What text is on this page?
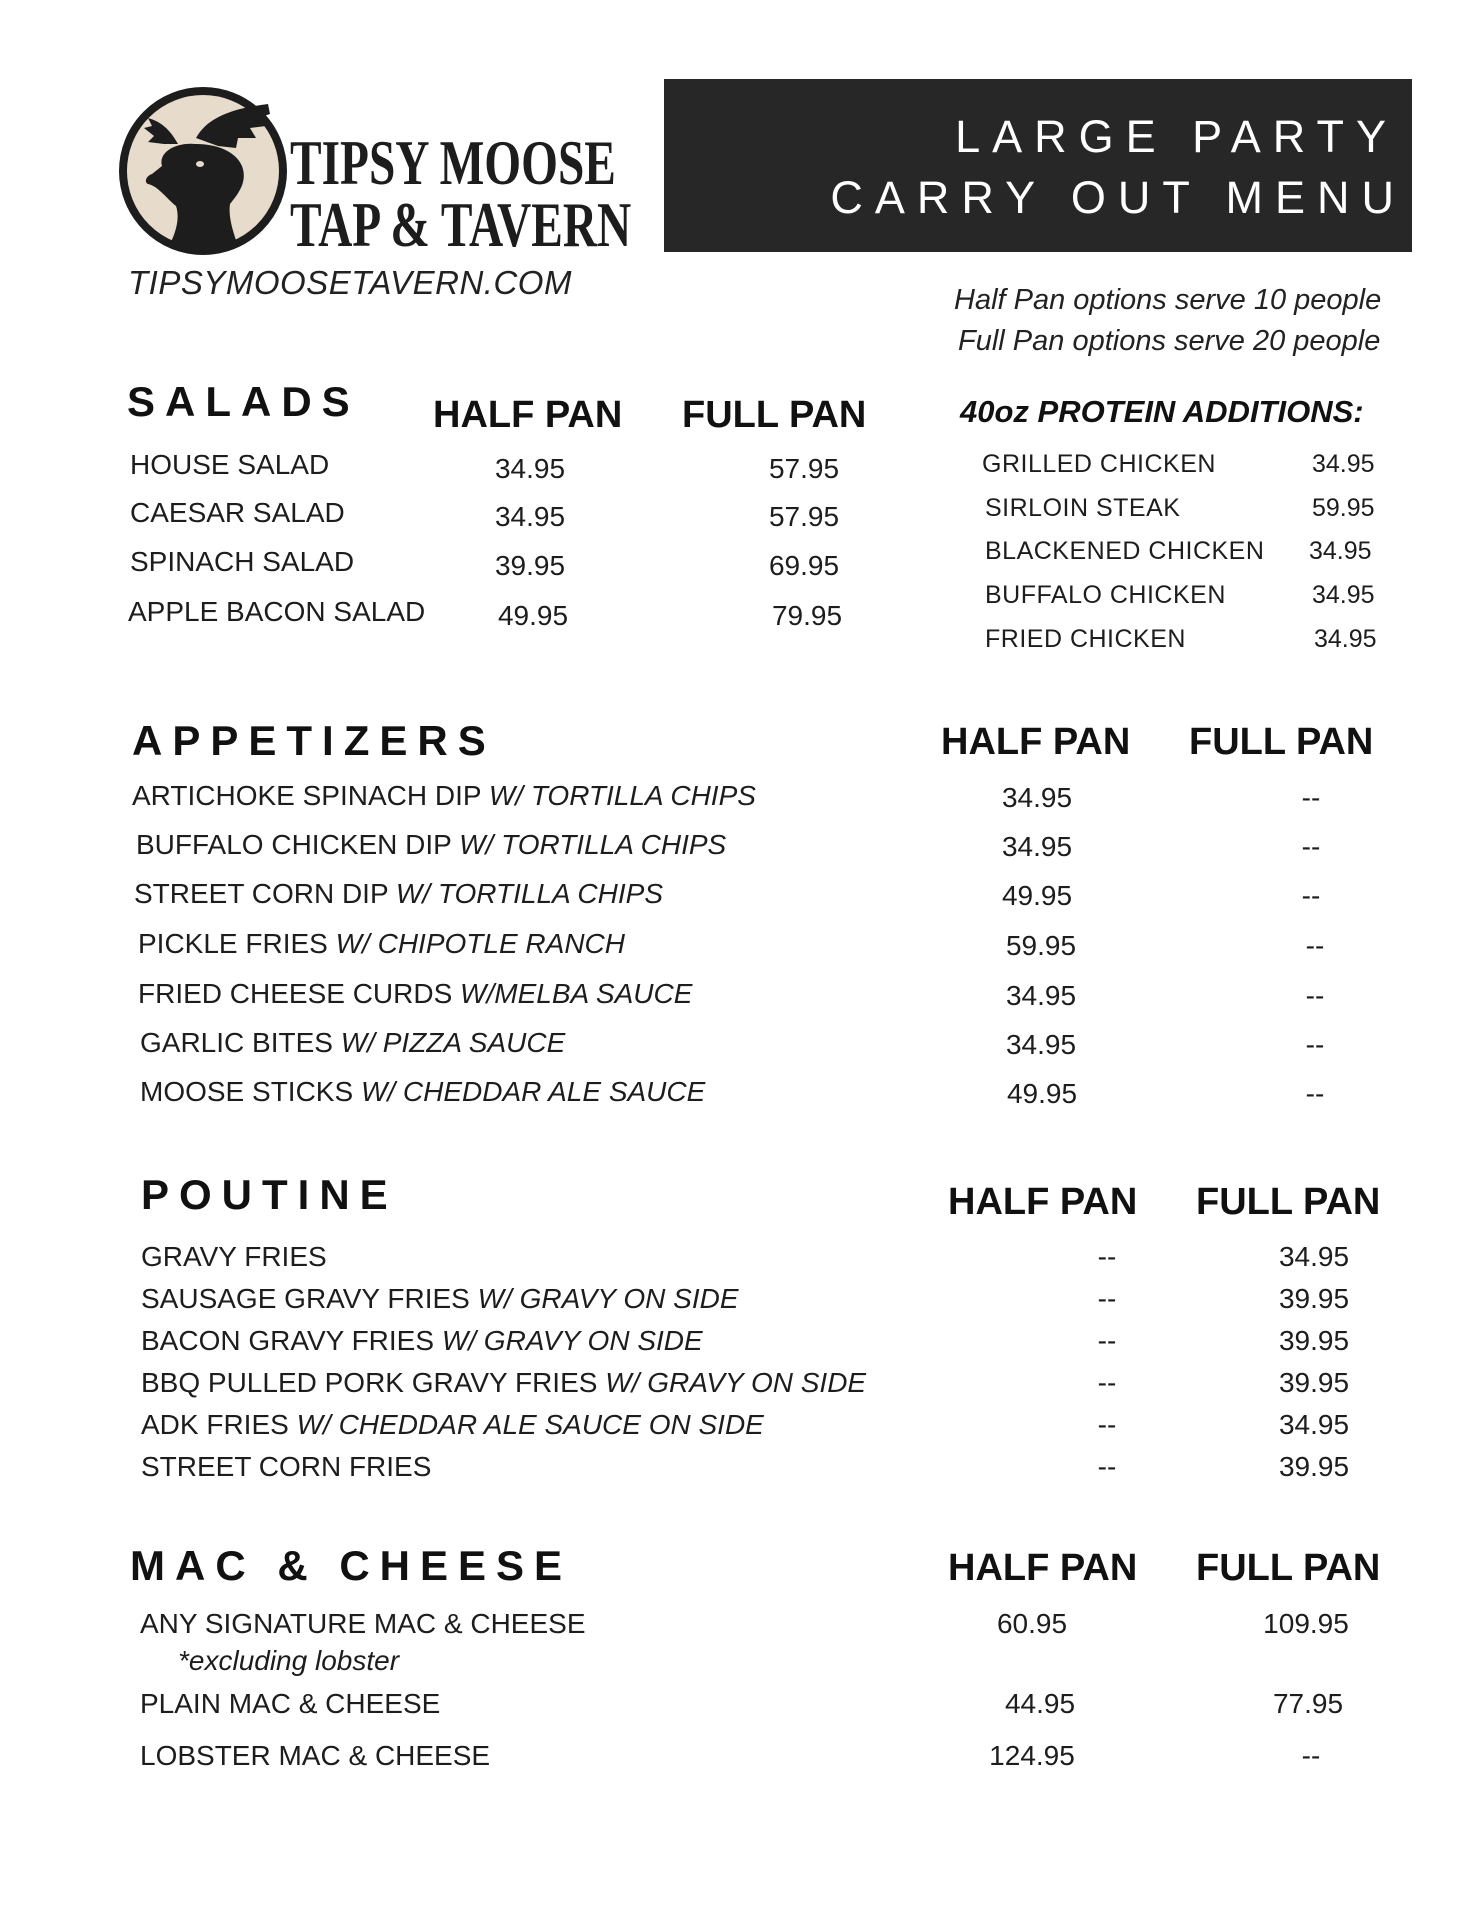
TIPSY MOOSE
TAP & TAVERN
TIPSYMOOSETAVERN.COM
LARGE PARTY
CARRY OUT MENU
Half Pan options serve 10 people
Full Pan options serve 20 people
SALADS HALF PAN FULL PAN
HOUSE SALAD	34.95	57.95
CAESAR SALAD	34.95	57.95
SPINACH SALAD	39.95	69.95
APPLE BACON SALAD	49.95	79.95
40oz PROTEIN ADDITIONS:
GRILLED CHICKEN	34.95
SIRLOIN STEAK	59.95
BLACKENED CHICKEN 34.95
BUFFALO CHICKEN	34.95
FRIED CHICKEN	34.95
APPETIZERS	HALF PAN FULL PAN
ARTICHOKE SPINACH DIP W/ TORTILLA CHIPS	34.95	--
BUFFALO CHICKEN DIP W/ TORTILLA CHIPS	34.95	--
STREET CORN DIP W/ TORTILLA CHIPS	49.95	--
PICKLE FRIES W/ CHIPOTLE RANCH	59.95	--
FRIED CHEESE CURDS W/MELBA SAUCE	34.95	--
GARLIC BITES W/ PIZZA SAUCE	34.95	--
MOOSE STICKS W/ CHEDDAR ALE SAUCE	49.95	--
POUTINE	HALF PAN FULL PAN
GRAVY FRIES	--	34.95
SAUSAGE GRAVY FRIES W/ GRAVY ON SIDE	--	39.95
BACON GRAVY FRIES W/ GRAVY ON SIDE	--	39.95
BBQ PULLED PORK GRAVY FRIES W/ GRAVY ON SIDE	--	39.95
ADK FRIES W/ CHEDDAR ALE SAUCE ON SIDE	--	34.95
STREET CORN FRIES	--	39.95
MAC & CHEESE	HALF PAN FULL PAN
ANY SIGNATURE MAC & CHEESE	60.95	109.95
*excluding lobster
PLAIN MAC & CHEESE	44.95	77.95
LOBSTER MAC & CHEESE	124.95	--
